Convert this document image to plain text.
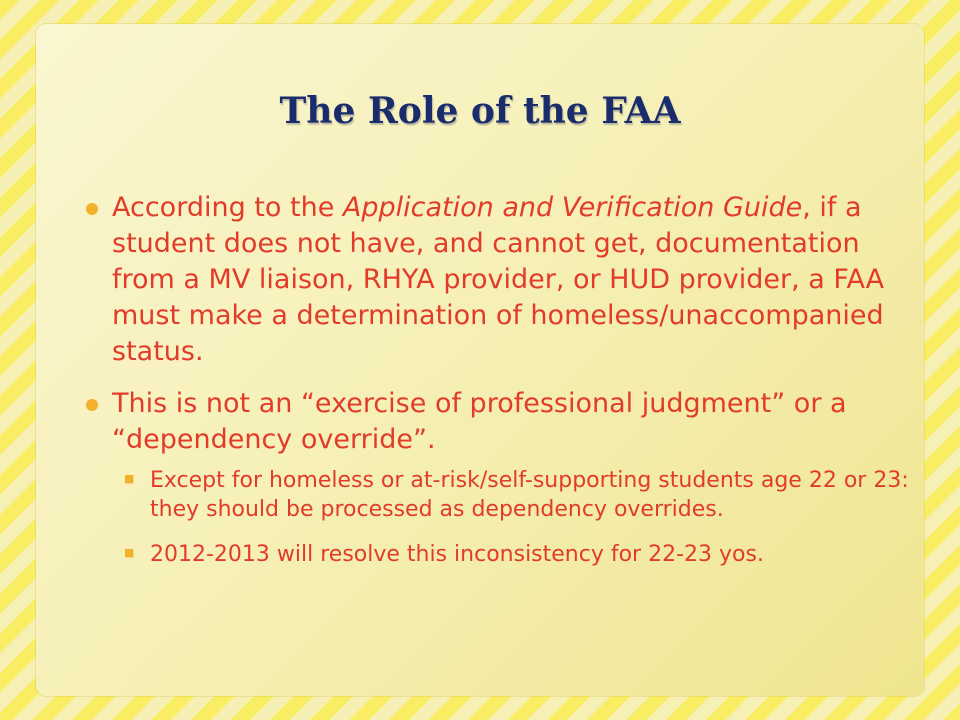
The Role of the FAA

According to the Application and Verification Guide, if a student does not have, and cannot get, documentation from a MV liaison, RHYA provider, or HUD provider, a FAA must make a determination of homeless/unaccompanied status.

This is not an “exercise of professional judgment” or a “dependency override”.

■ Except for homeless or at-risk/self-supporting students age 22 or 23: they should be processed as dependency overrides.

■ 2012-2013 will resolve this inconsistency for 22-23 yos.
